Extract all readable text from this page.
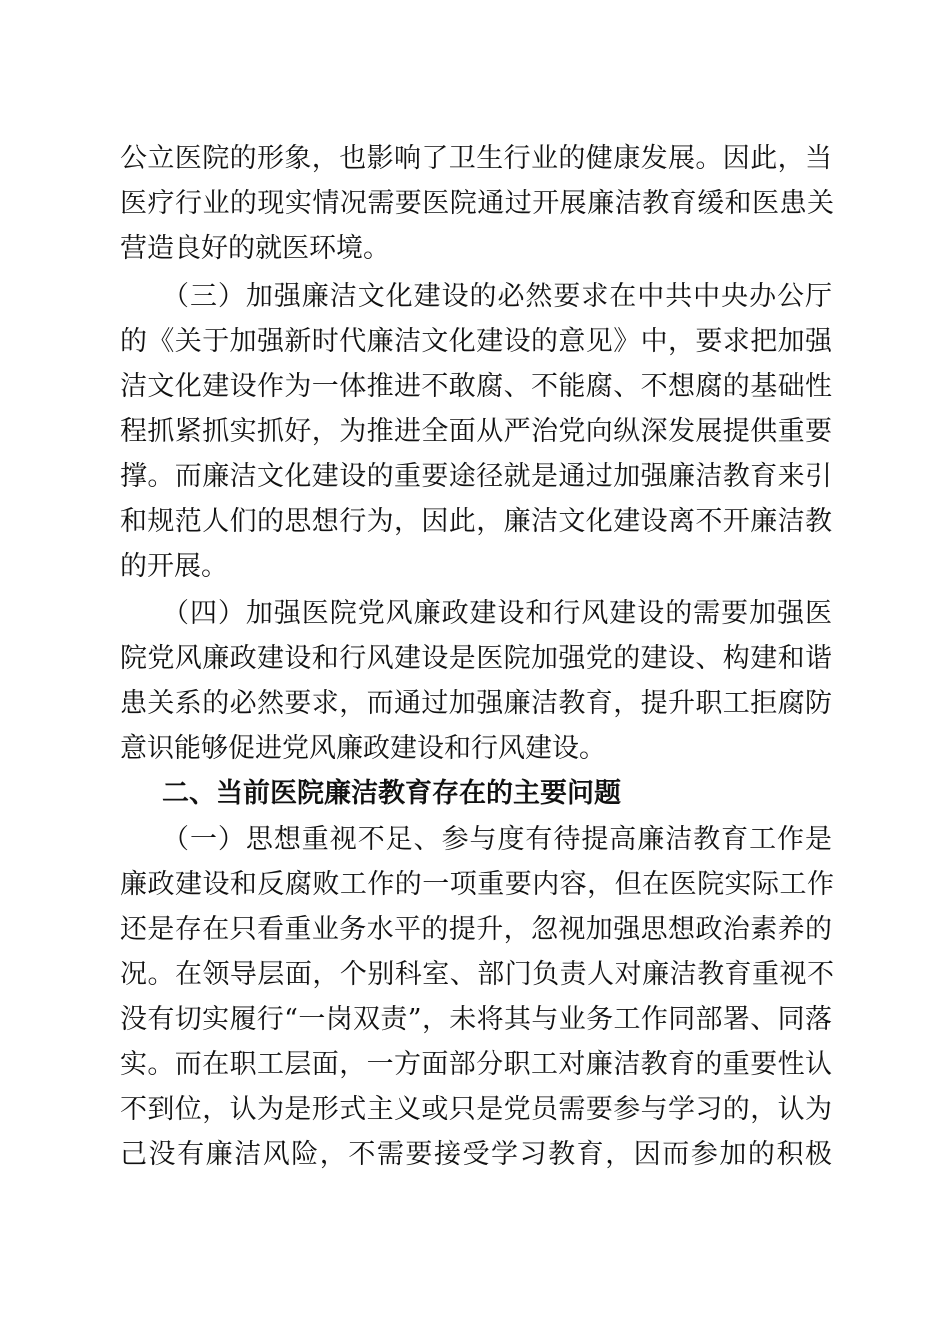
公立医院的形象，也影响了卫生行业的健康发展。因此，当
医疗行业的现实情况需要医院通过开展廉洁教育缓和医患关
营造良好的就医环境。
（三）加强廉洁文化建设的必然要求在中共中央办公厅
的《关于加强新时代廉洁文化建设的意见》中，要求把加强
洁文化建设作为一体推进不敢腐、不能腐、不想腐的基础性
程抓紧抓实抓好，为推进全面从严治党向纵深发展提供重要
撑。而廉洁文化建设的重要途径就是通过加强廉洁教育来引
和规范人们的思想行为，因此，廉洁文化建设离不开廉洁教
的开展。
（四）加强医院党风廉政建设和行风建设的需要加强医
院党风廉政建设和行风建设是医院加强党的建设、构建和谐
患关系的必然要求，而通过加强廉洁教育，提升职工拒腐防
意识能够促进党风廉政建设和行风建设。
二、当前医院廉洁教育存在的主要问题
（一）思想重视不足、参与度有待提高廉洁教育工作是
廉政建设和反腐败工作的一项重要内容，但在医院实际工作
还是存在只看重业务水平的提升，忽视加强思想政治素养的
况。在领导层面，个别科室、部门负责人对廉洁教育重视不
没有切实履行“一岗双责”，未将其与业务工作同部署、同落
实。而在职工层面，一方面部分职工对廉洁教育的重要性认
不到位，认为是形式主义或只是党员需要参与学习的，认为
己没有廉洁风险，不需要接受学习教育，因而参加的积极
